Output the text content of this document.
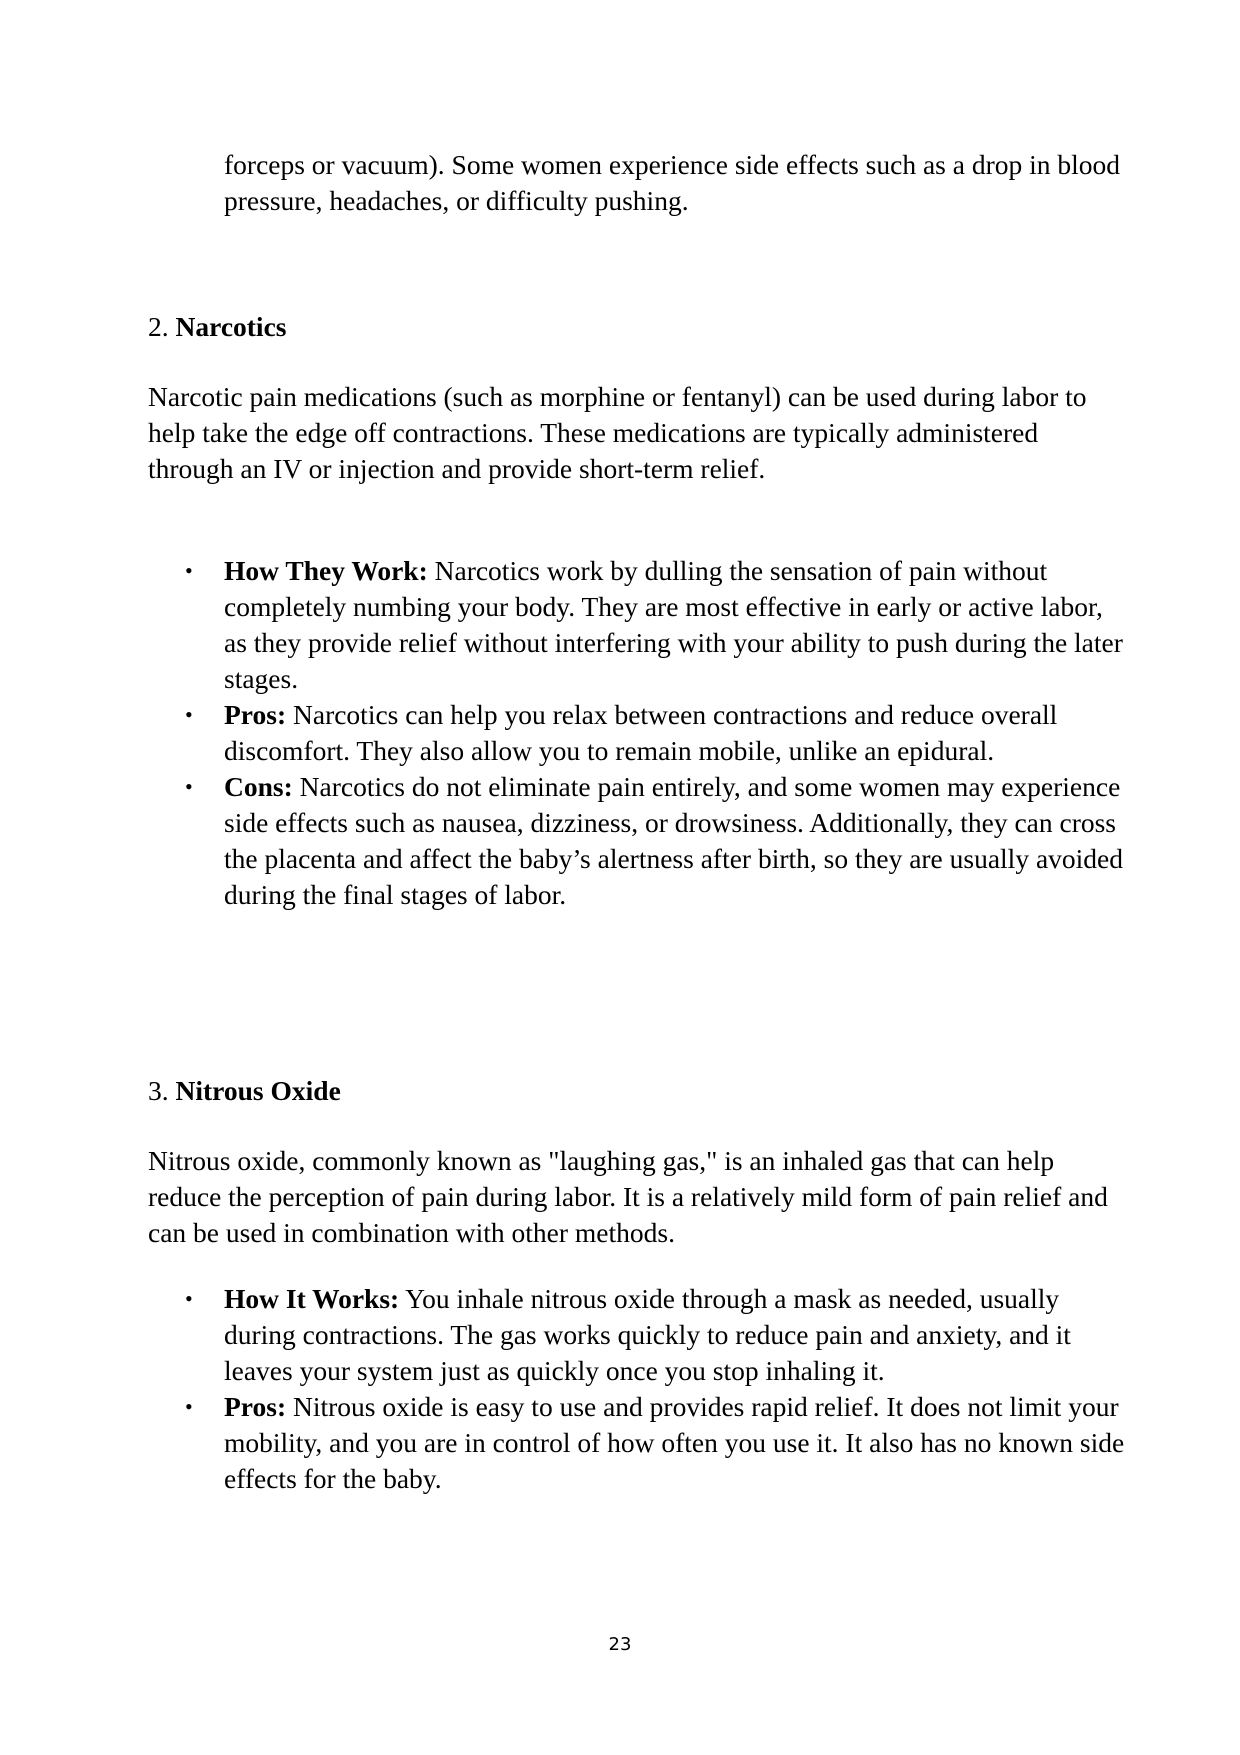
forceps or vacuum). Some women experience side effects such as a drop in blood pressure, headaches, or difficulty pushing.
2. Narcotics
Narcotic pain medications (such as morphine or fentanyl) can be used during labor to help take the edge off contractions. These medications are typically administered through an IV or injection and provide short-term relief.
• How They Work: Narcotics work by dulling the sensation of pain without completely numbing your body. They are most effective in early or active labor, as they provide relief without interfering with your ability to push during the later stages.
• Pros: Narcotics can help you relax between contractions and reduce overall discomfort. They also allow you to remain mobile, unlike an epidural.
• Cons: Narcotics do not eliminate pain entirely, and some women may experience side effects such as nausea, dizziness, or drowsiness. Additionally, they can cross the placenta and affect the baby’s alertness after birth, so they are usually avoided during the final stages of labor.
3. Nitrous Oxide
Nitrous oxide, commonly known as "laughing gas," is an inhaled gas that can help reduce the perception of pain during labor. It is a relatively mild form of pain relief and can be used in combination with other methods.
• How It Works: You inhale nitrous oxide through a mask as needed, usually during contractions. The gas works quickly to reduce pain and anxiety, and it leaves your system just as quickly once you stop inhaling it.
• Pros: Nitrous oxide is easy to use and provides rapid relief. It does not limit your mobility, and you are in control of how often you use it. It also has no known side effects for the baby.
23
